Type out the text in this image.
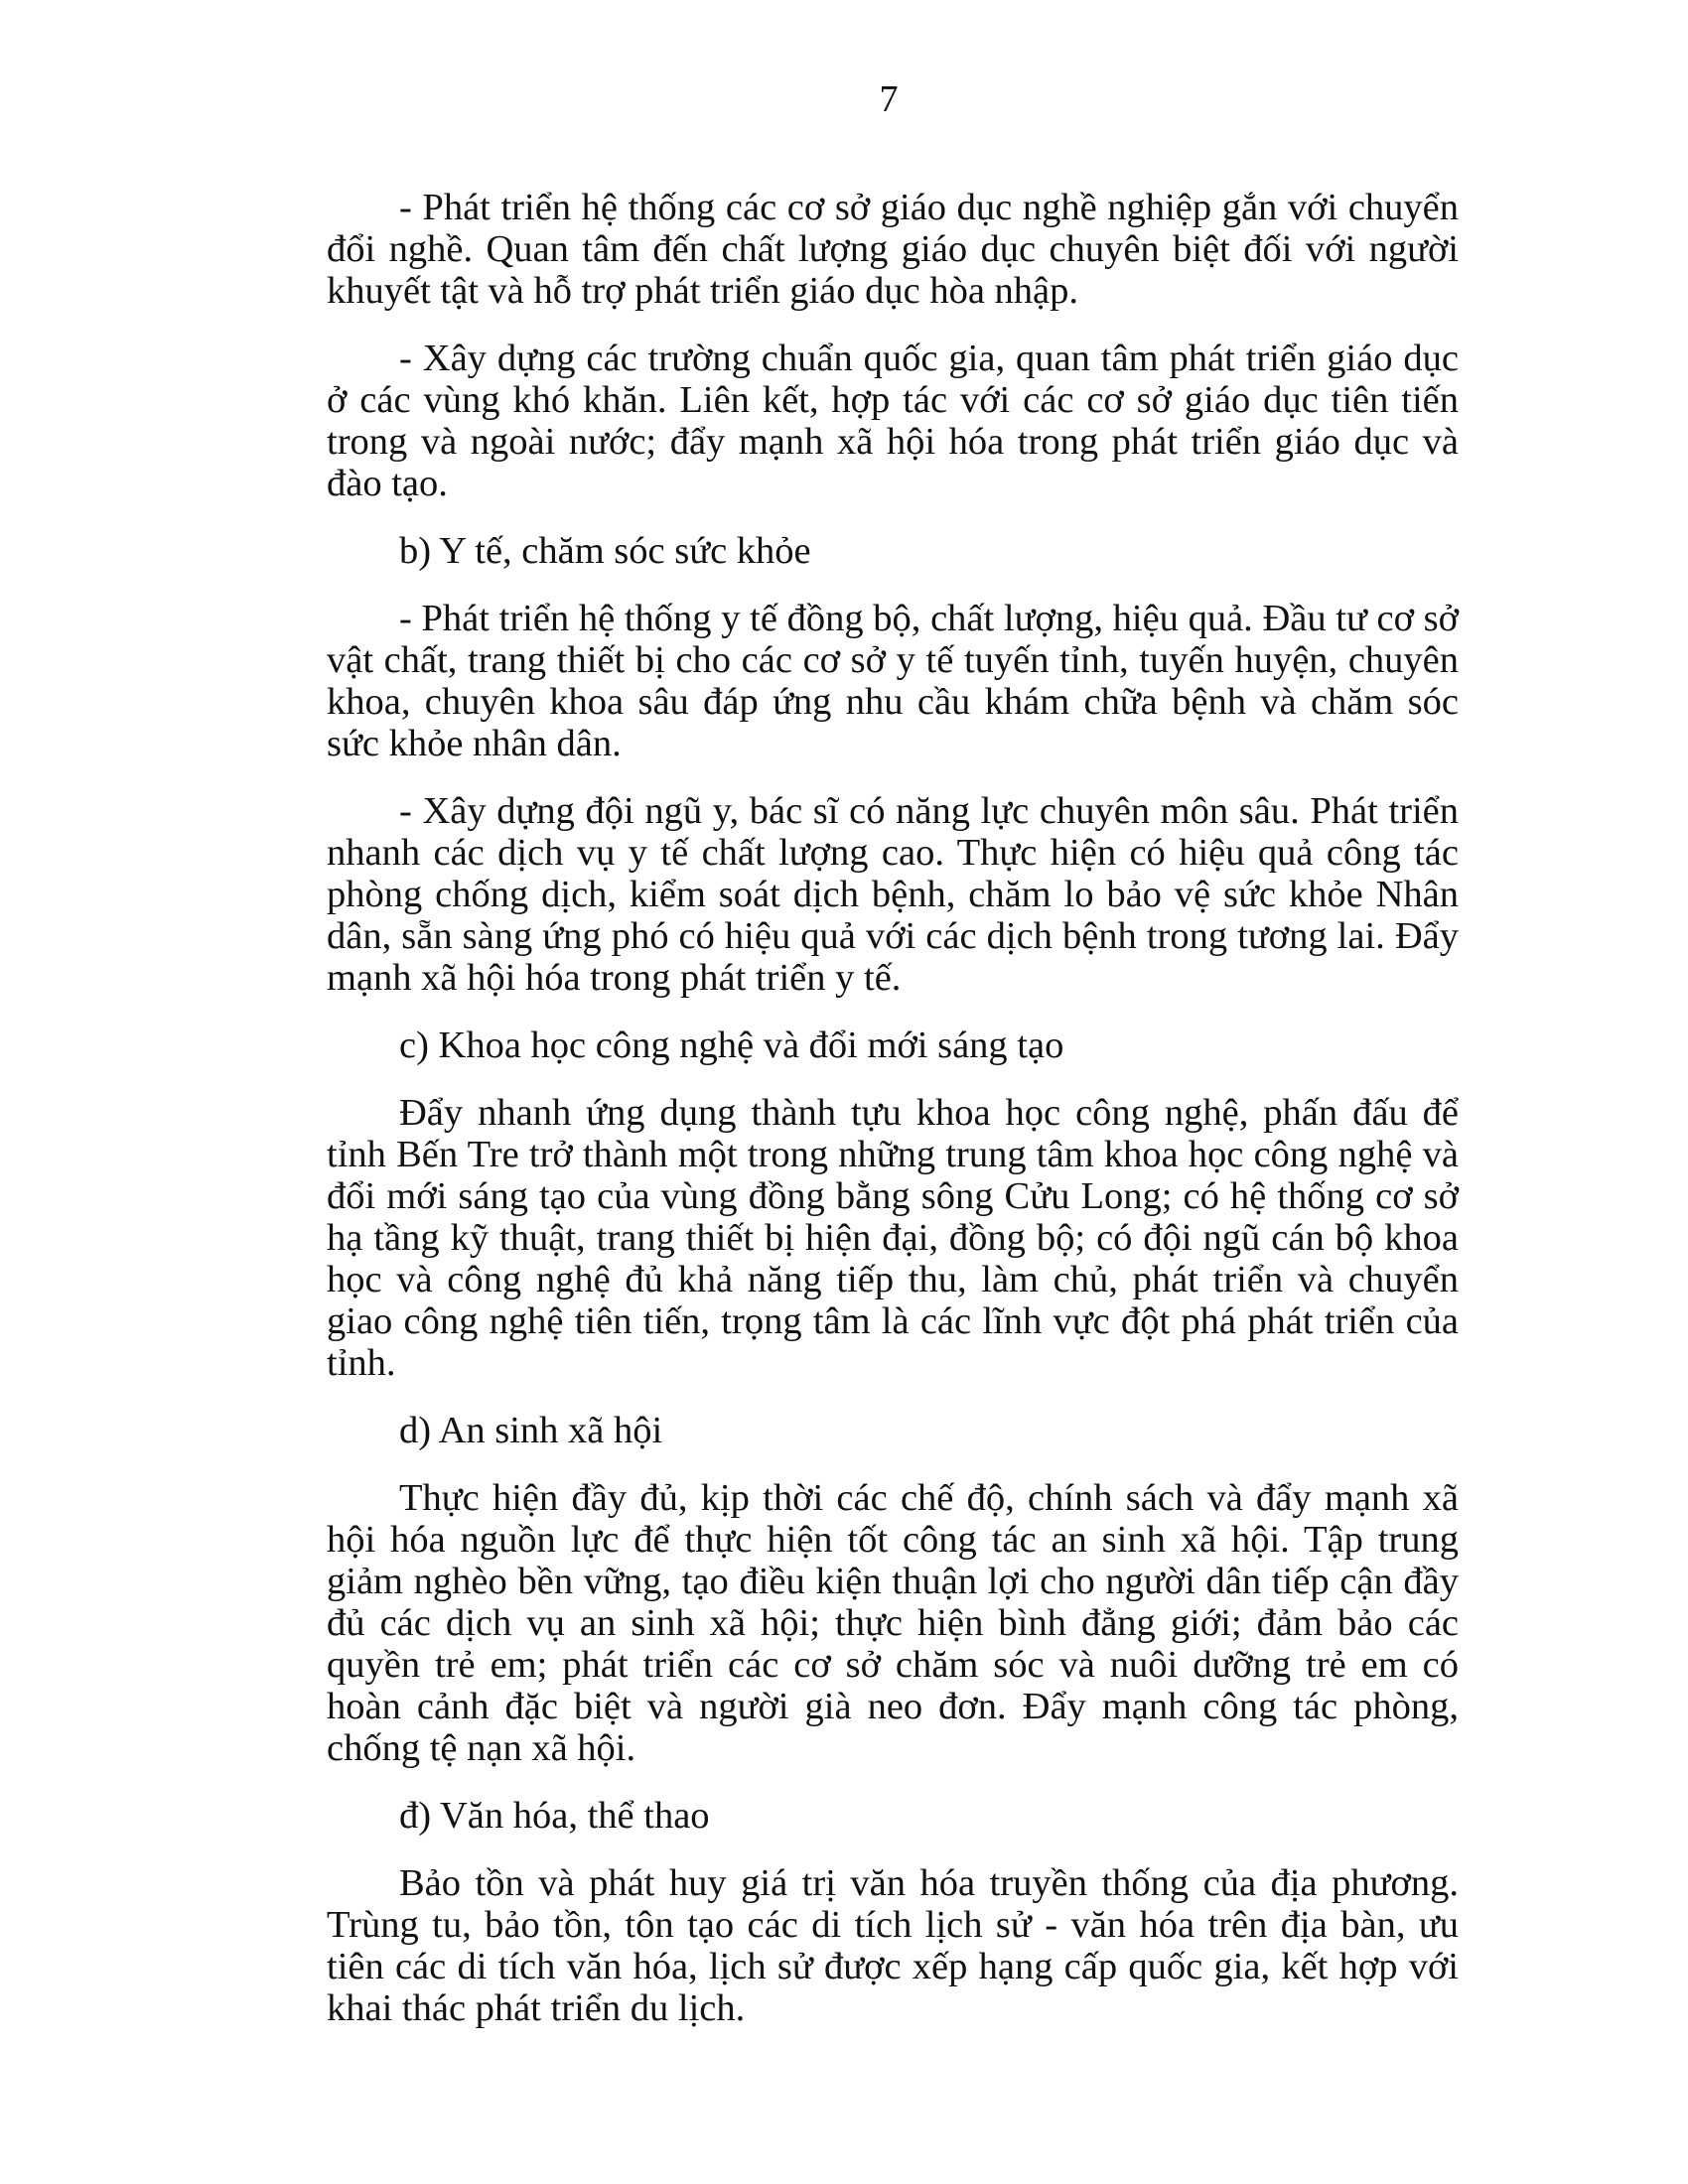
7

- Phát triển hệ thống các cơ sở giáo dục nghề nghiệp gắn với chuyển đổi nghề. Quan tâm đến chất lượng giáo dục chuyên biệt đối với người khuyết tật và hỗ trợ phát triển giáo dục hòa nhập.

- Xây dựng các trường chuẩn quốc gia, quan tâm phát triển giáo dục ở các vùng khó khăn. Liên kết, hợp tác với các cơ sở giáo dục tiên tiến trong và ngoài nước; đẩy mạnh xã hội hóa trong phát triển giáo dục và đào tạo.

b) Y tế, chăm sóc sức khỏe

- Phát triển hệ thống y tế đồng bộ, chất lượng, hiệu quả. Đầu tư cơ sở vật chất, trang thiết bị cho các cơ sở y tế tuyến tỉnh, tuyến huyện, chuyên khoa, chuyên khoa sâu đáp ứng nhu cầu khám chữa bệnh và chăm sóc sức khỏe nhân dân.

- Xây dựng đội ngũ y, bác sĩ có năng lực chuyên môn sâu. Phát triển nhanh các dịch vụ y tế chất lượng cao. Thực hiện có hiệu quả công tác phòng chống dịch, kiểm soát dịch bệnh, chăm lo bảo vệ sức khỏe Nhân dân, sẵn sàng ứng phó có hiệu quả với các dịch bệnh trong tương lai. Đẩy mạnh xã hội hóa trong phát triển y tế.

c) Khoa học công nghệ và đổi mới sáng tạo

Đẩy nhanh ứng dụng thành tựu khoa học công nghệ, phấn đấu để tỉnh Bến Tre trở thành một trong những trung tâm khoa học công nghệ và đổi mới sáng tạo của vùng đồng bằng sông Cửu Long; có hệ thống cơ sở hạ tầng kỹ thuật, trang thiết bị hiện đại, đồng bộ; có đội ngũ cán bộ khoa học và công nghệ đủ khả năng tiếp thu, làm chủ, phát triển và chuyển giao công nghệ tiên tiến, trọng tâm là các lĩnh vực đột phá phát triển của tỉnh.

d) An sinh xã hội

Thực hiện đầy đủ, kịp thời các chế độ, chính sách và đẩy mạnh xã hội hóa nguồn lực để thực hiện tốt công tác an sinh xã hội. Tập trung giảm nghèo bền vững, tạo điều kiện thuận lợi cho người dân tiếp cận đầy đủ các dịch vụ an sinh xã hội; thực hiện bình đẳng giới; đảm bảo các quyền trẻ em; phát triển các cơ sở chăm sóc và nuôi dưỡng trẻ em có hoàn cảnh đặc biệt và người già neo đơn. Đẩy mạnh công tác phòng, chống tệ nạn xã hội.

đ) Văn hóa, thể thao

Bảo tồn và phát huy giá trị văn hóa truyền thống của địa phương. Trùng tu, bảo tồn, tôn tạo các di tích lịch sử - văn hóa trên địa bàn, ưu tiên các di tích văn hóa, lịch sử được xếp hạng cấp quốc gia, kết hợp với khai thác phát triển du lịch.
